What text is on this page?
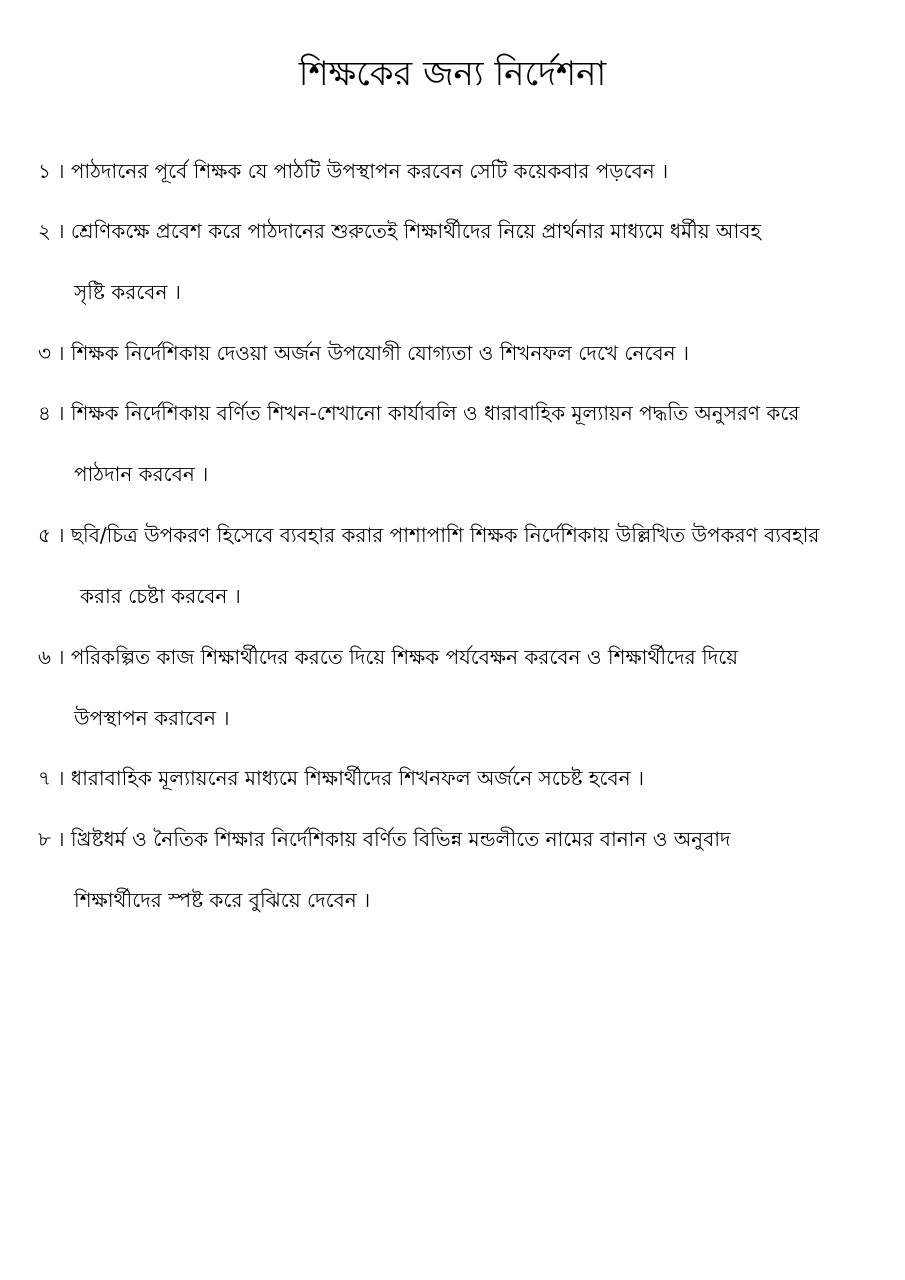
শিক্ষকের জন্য নির্দেশনা
১ । পাঠদানের পূর্বে শিক্ষক যে পাঠটি উপস্থাপন করবেন সেটি কয়েকবার পড়বেন ।
২ । শ্রেণিকক্ষে প্রবেশ করে পাঠদানের শুরুতেই শিক্ষার্থীদের নিয়ে প্রার্থনার মাধ্যমে ধর্মীয় আবহ
সৃষ্টি করবেন ।
৩ । শিক্ষক নির্দেশিকায় দেওয়া অর্জন উপযোগী যোগ্যতা ও শিখনফল দেখে নেবেন ।
৪ । শিক্ষক নির্দেশিকায় বর্ণিত শিখন-শেখানো কার্যাবলি ও ধারাবাহিক মূল্যায়ন পদ্ধতি অনুসরণ করে
পাঠদান করবেন ।
৫ । ছবি/চিত্র উপকরণ হিসেবে ব্যবহার করার পাশাপাশি শিক্ষক নির্দেশিকায় উল্লিখিত উপকরণ ব্যবহার
করার চেষ্টা করবেন ।
৬ । পরিকল্পিত কাজ শিক্ষার্থীদের করতে দিয়ে শিক্ষক পর্যবেক্ষন করবেন ও শিক্ষার্থীদের দিয়ে
উপস্থাপন করাবেন ।
৭ । ধারাবাহিক মূল্যায়নের মাধ্যমে শিক্ষার্থীদের শিখনফল অর্জনে সচেষ্ট হবেন ।
৮ । খ্রিষ্টধর্ম ও নৈতিক শিক্ষার নির্দেশিকায় বর্ণিত বিভিন্ন মন্ডলীতে নামের বানান ও অনুবাদ
শিক্ষার্থীদের স্পষ্ট করে বুঝিয়ে দেবেন ।
